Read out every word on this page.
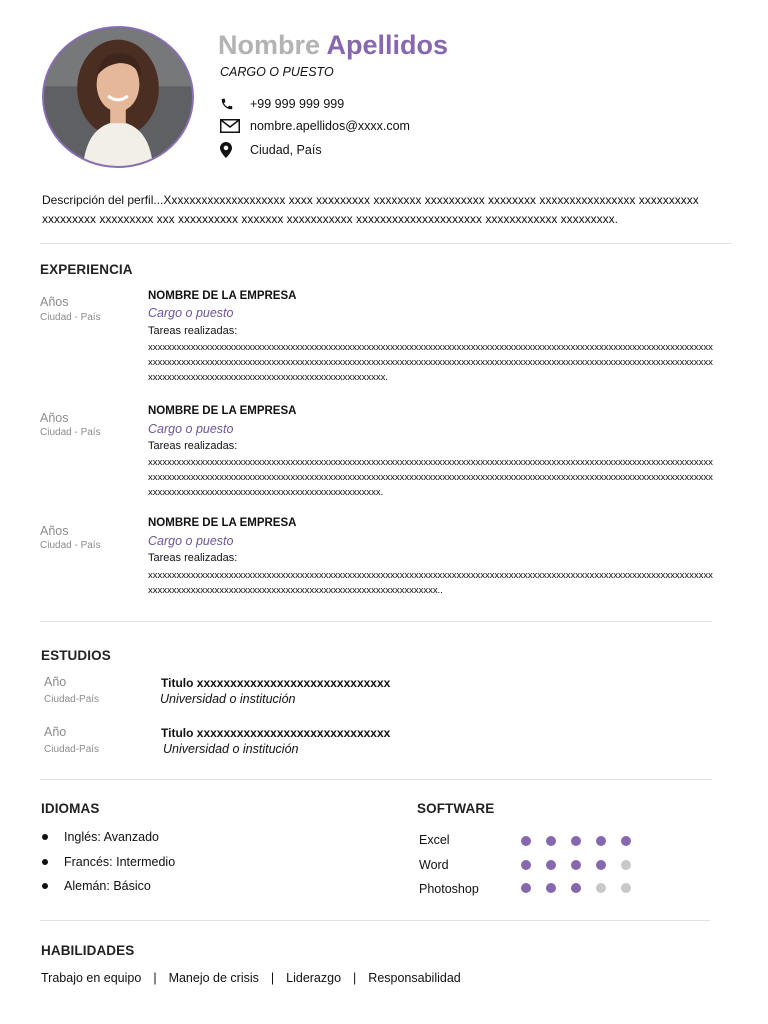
Nombre Apellidos
CARGO O PUESTO
+99 999 999 999
nombre.apellidos@xxxx.com
Ciudad, País
Descripción del perfil...Xxxxxxxxxxxxxxxxxxxx xxxx xxxxxxxxx xxxxxxxx xxxxxxxxxx xxxxxxxx xxxxxxxxxxxxxxxx xxxxxxxxxx xxxxxxxxx xxxxxxxxx xxx xxxxxxxxxx xxxxxxx xxxxxxxxxxx xxxxxxxxxxxxxxxxxxxxx xxxxxxxxxxxx xxxxxxxxx.
EXPERIENCIA
Años
Ciudad - País
NOMBRE DE LA EMPRESA
Cargo o puesto
Tareas realizadas:
xxxxxxxxxxxxxxxxxxxxxxxxxxxxxxxxxxxxxxxxxxxxxxxxxxxxxxxxxxxxxxxxxxxxxxxxxxxxxxxxxxxxxxxxxxxxxxxxxxxxxxxxxxxxxxxxxxxxxxxxxxxxxxxxxxxxxxxxxxxxxxxxxxxxxxxxxxxxxxxxxxxxxxxxxxxxxxxxxxxxxxxxxxxxxxxxxxxxxxxxxxxxxxxxxxxxxxxxxxxxxxxxxxxxxxxxxxxxxxxxxxxxxxxxxxxxxxxxxxxxxxxxxxxxxxxxxxxxxxxxxxxxxxxx.
Años
Ciudad - País
NOMBRE DE LA EMPRESA
Cargo o puesto
Tareas realizadas:
xxxxxxxxxxxxxxxxxxxxxxxxxxxxxxxxxxxxxxxxxxxxxxxxxxxxxxxxxxxxxxxxxxxxxxxxxxxxxxxxxxxxxxxxxxxxxxxxxxxxxxxxxxxxxxxxxxxxxxxxxxxxxxxxxxxxxxxxxxxxxxxxxxxxxxxxxxxxxxxxxxxxxxxxxxxxxxxxxxxxxxxxxxxxxxxxxxxxxxxxxxxxxxxxxxxxxxxxxxxxxxxxxxxxxxxxxxxxxxxxxxxxxxxxxxxxxxxxxxxxxxxxxxxxxxxxxxxxxxxxxxxxxxx.
Años
Ciudad - País
NOMBRE DE LA EMPRESA
Cargo o puesto
Tareas realizadas:
xxxxxxxxxxxxxxxxxxxxxxxxxxxxxxxxxxxxxxxxxxxxxxxxxxxxxxxxxxxxxxxxxxxxxxxxxxxxxxxxxxxxxxxxxxxxxxxxxxxxxxxxxxxxxxxxxxxxxxxxxxxxxxxxxxxxxxxxxxxxxxxxxxxxxxxxxxxxxxxxxxxxxxxxxxxxxxxxxxxx..
ESTUDIOS
Año
Ciudad-País
Titulo xxxxxxxxxxxxxxxxxxxxxxxxxxxxx
Universidad o institución
Año
Ciudad-País
Titulo xxxxxxxxxxxxxxxxxxxxxxxxxxxxx
Universidad o institución
IDIOMAS
Inglés: Avanzado
Francés: Intermedio
Alemán: Básico
SOFTWARE
Excel
Word
Photoshop
HABILIDADES
Trabajo en equipo | Manejo de crisis | Liderazgo | Responsabilidad
